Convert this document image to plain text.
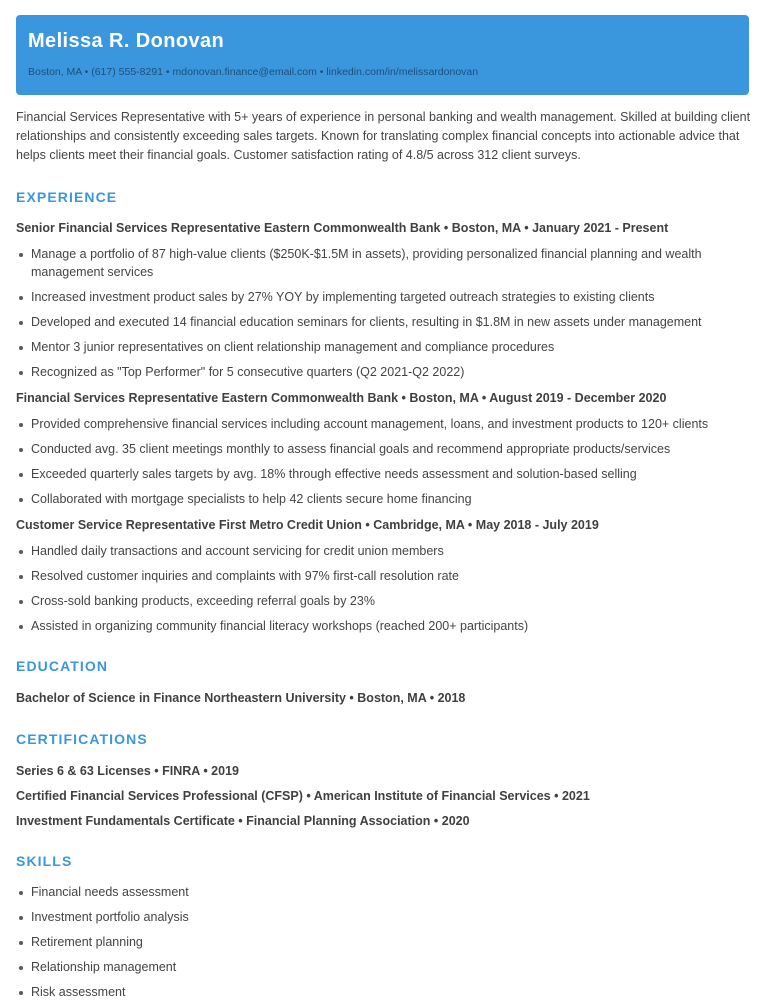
Melissa R. Donovan
Boston, MA • (617) 555-8291 • mdonovan.finance@email.com • linkedin.com/in/melissardonovan

Financial Services Representative with 5+ years of experience in personal banking and wealth management. Skilled at building client relationships and consistently exceeding sales targets. Known for translating complex financial concepts into actionable advice that helps clients meet their financial goals. Customer satisfaction rating of 4.8/5 across 312 client surveys.

EXPERIENCE
Senior Financial Services Representative Eastern Commonwealth Bank • Boston, MA • January 2021 - Present
Manage a portfolio of 87 high-value clients ($250K-$1.5M in assets), providing personalized financial planning and wealth management services
Increased investment product sales by 27% YOY by implementing targeted outreach strategies to existing clients
Developed and executed 14 financial education seminars for clients, resulting in $1.8M in new assets under management
Mentor 3 junior representatives on client relationship management and compliance procedures
Recognized as "Top Performer" for 5 consecutive quarters (Q2 2021-Q2 2022)
Financial Services Representative Eastern Commonwealth Bank • Boston, MA • August 2019 - December 2020
Provided comprehensive financial services including account management, loans, and investment products to 120+ clients
Conducted avg. 35 client meetings monthly to assess financial goals and recommend appropriate products/services
Exceeded quarterly sales targets by avg. 18% through effective needs assessment and solution-based selling
Collaborated with mortgage specialists to help 42 clients secure home financing
Customer Service Representative First Metro Credit Union • Cambridge, MA • May 2018 - July 2019
Handled daily transactions and account servicing for credit union members
Resolved customer inquiries and complaints with 97% first-call resolution rate
Cross-sold banking products, exceeding referral goals by 23%
Assisted in organizing community financial literacy workshops (reached 200+ participants)
EDUCATION
Bachelor of Science in Finance Northeastern University • Boston, MA • 2018
CERTIFICATIONS
Series 6 & 63 Licenses • FINRA • 2019
Certified Financial Services Professional (CFSP) • American Institute of Financial Services • 2021
Investment Fundamentals Certificate • Financial Planning Association • 2020
SKILLS
Financial needs assessment
Investment portfolio analysis
Retirement planning
Relationship management
Risk assessment
